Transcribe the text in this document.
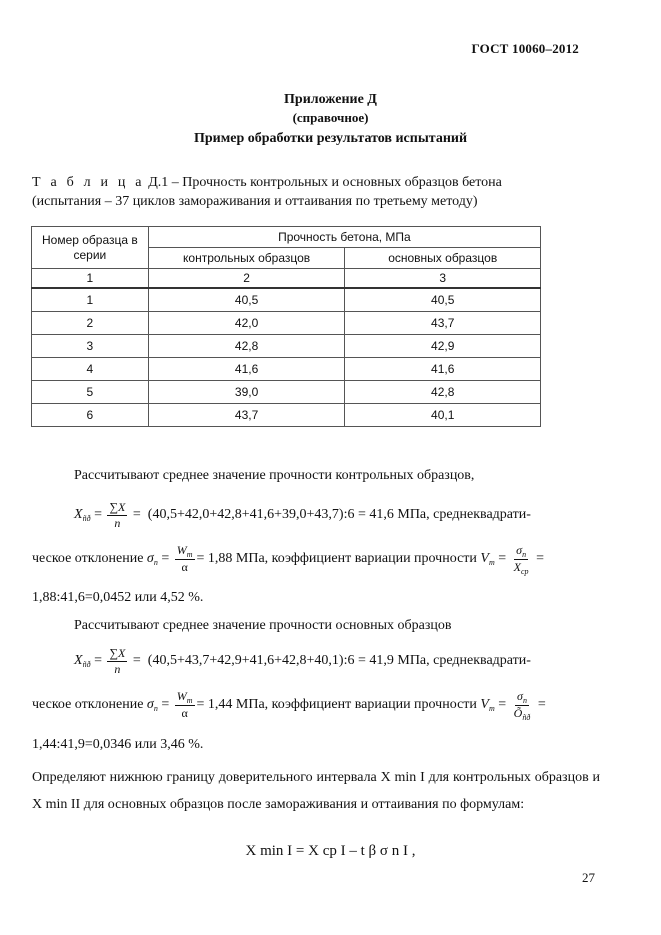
ГОСТ 10060–2012
Приложение Д
(справочное)
Пример обработки результатов испытаний
Т а б л и ц а Д.1 – Прочность контрольных и основных образцов бетона
(испытания – 37 циклов замораживания и оттаивания по третьему методу)
Номер образца в серии	Прочность бетона, МПа	
	контрольных образцов	основных образцов
1	2	3
1	40,5	40,5
2	42,0	43,7
3	42,8	42,9
4	41,6	41,6
5	39,0	42,8
6	43,7	40,1
Рассчитывают среднее значение прочности контрольных образцов,
$X_{ñð} = \frac{\sum X}{n}$ = (40,5+42,0+42,8+41,6+39,0+43,7):6 = 41,6 МПа, среднеквадрати-
ческое отклонение
$\sigma_n = \frac{W_m}{\alpha} = 1,88$ МПа, коэффициент вариации прочности
$V_m = \frac{\sigma_n}{X_{ср}}$ =
1,88:41,6=0,0452 или 4,52 %.
Рассчитывают среднее значение прочности основных образцов
$X_{ñð} = \frac{\sum X}{n}$ = (40,5+43,7+42,9+41,6+42,8+40,1):6 = 41,9 МПа, среднеквадрати-
ческое отклонение
$\sigma_n = \frac{W_m}{\alpha} = 1,44$ МПа, коэффициент вариации прочности
$V_m = \frac{\sigma_n}{Õ_{ñð}}$ =
1,44:41,9=0,0346 или 3,46 %.
Определяют нижнюю границу доверительного интервала X min I для контрольных образцов и X min II для основных образцов после замораживания и оттаивания по формулам:
X min I = X ср I – t β σ n I ,
27
